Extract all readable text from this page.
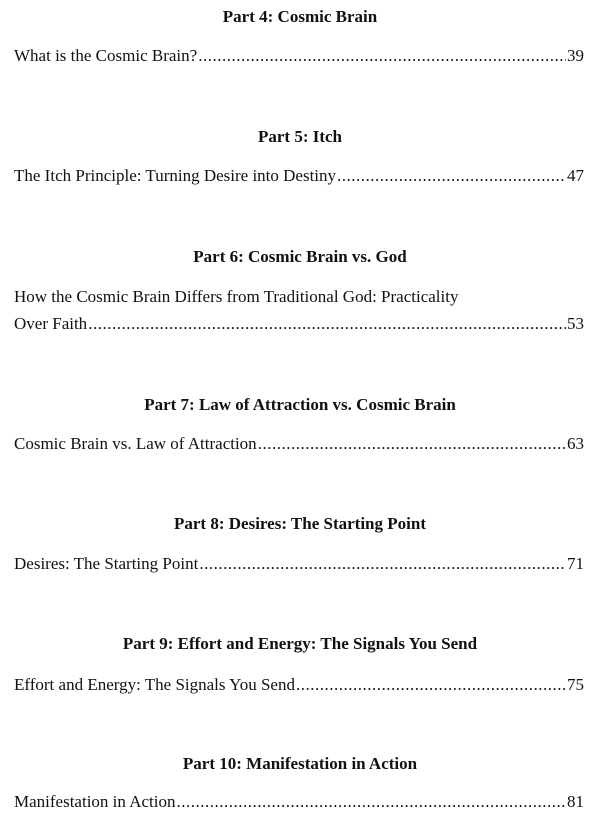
Part 4: Cosmic Brain
What is the Cosmic Brain? .....	39
Part 5: Itch
The Itch Principle: Turning Desire into Destiny .....	47
Part 6: Cosmic Brain vs. God
How the Cosmic Brain Differs from Traditional God: Practicality
Over Faith .....	53
Part 7: Law of Attraction vs. Cosmic Brain
Cosmic Brain vs. Law of Attraction .....	63
Part 8: Desires: The Starting Point
Desires: The Starting Point .....	71
Part 9: Effort and Energy: The Signals You Send
Effort and Energy: The Signals You Send .....	75
Part 10: Manifestation in Action
Manifestation in Action .....	81
